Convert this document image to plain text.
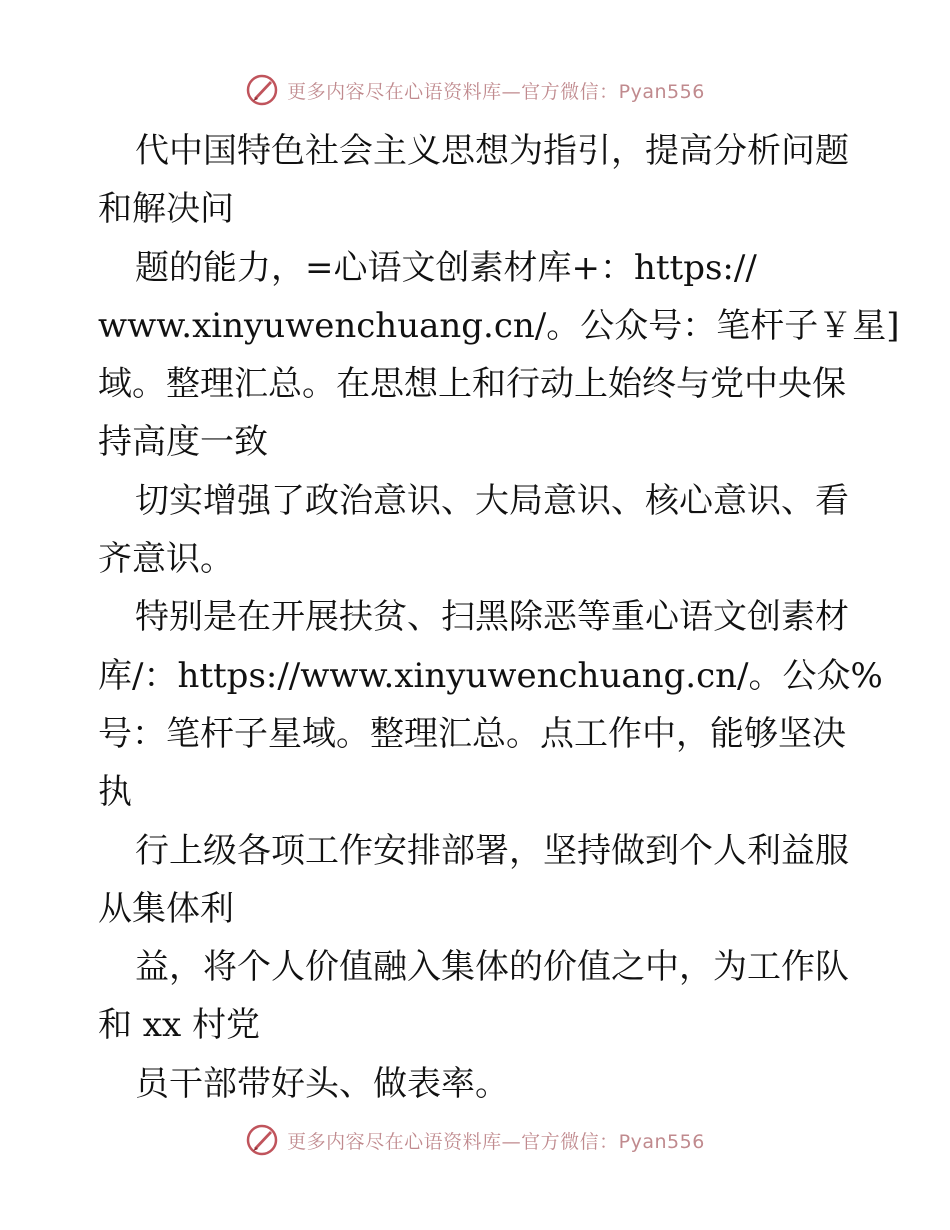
更多内容尽在心语资料库—官方微信：Pyan556
代中国特色社会主义思想为指引，提高分析问题
和解决问
题的能力，=心语文创素材库+：https://
www.xinyuwenchuang.cn/。公众号：笔杆子￥星]
域。整理汇总。在思想上和行动上始终与党中央保
持高度一致
切实增强了政治意识、大局意识、核心意识、看
齐意识。
特别是在开展扶贫、扫黑除恶等重心语文创素材
库/：https://www.xinyuwenchuang.cn/。公众%
号：笔杆子星域。整理汇总。点工作中，能够坚决
执
行上级各项工作安排部署，坚持做到个人利益服
从集体利
益，将个人价值融入集体的价值之中，为工作队
和 xx 村党
员干部带好头、做表率。
更多内容尽在心语资料库—官方微信：Pyan556
